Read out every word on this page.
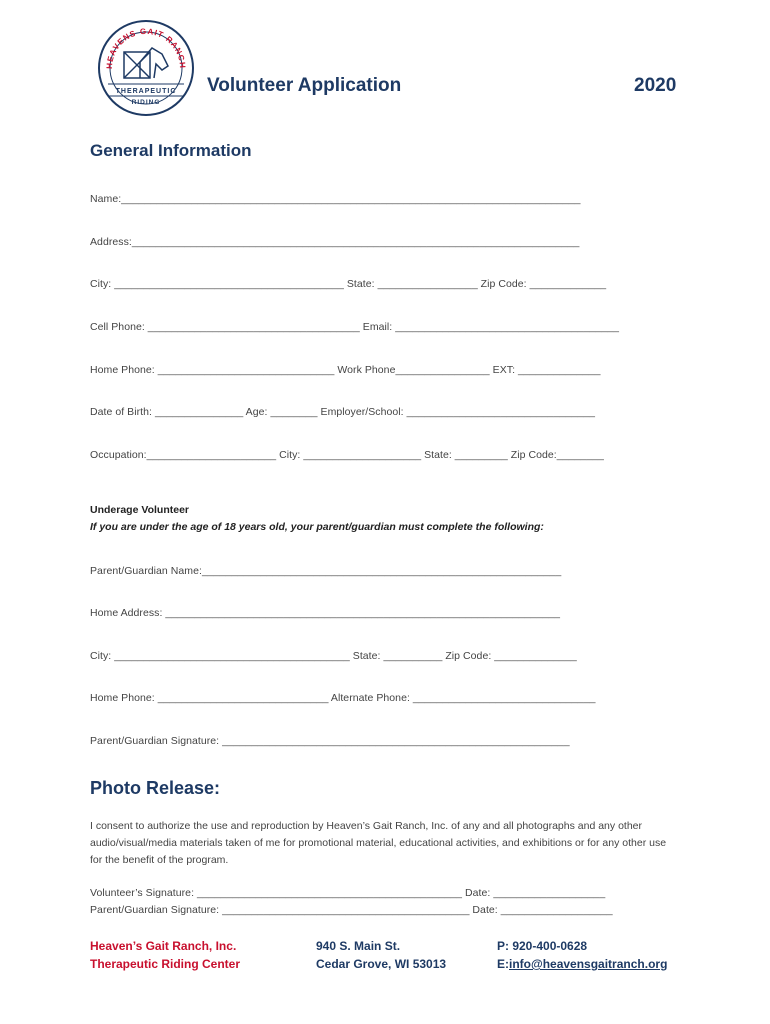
HEAVENS GAIT RANCH
THERAPEUTIC
RIDING
Volunteer Application	2020
General Information
Name:______________________________________________________________________________
Address:____________________________________________________________________________
City: _______________________________________ State: _________________ Zip Code: _____________
Cell Phone: ____________________________________ Email: ______________________________________
Home Phone: ______________________________ Work Phone________________ EXT: ______________
Date of Birth: _______________ Age: ________ Employer/School: ________________________________
Occupation:______________________ City: ____________________ State: _________ Zip Code:________
Underage Volunteer
If you are under the age of 18 years old, your parent/guardian must complete the following:
Parent/Guardian Name:_____________________________________________________________
Home Address: ___________________________________________________________________
City: ________________________________________ State: __________ Zip Code: ______________
Home Phone: _____________________________ Alternate Phone: _______________________________
Parent/Guardian Signature: ___________________________________________________________
Photo Release:
I consent to authorize the use and reproduction by Heaven’s Gait Ranch, Inc. of any and all photographs and any other audio/visual/media materials taken of me for promotional material, educational activities, and exhibitions or for any other use for the benefit of the program.
Volunteer’s Signature: _____________________________________________ Date: ___________________
Parent/Guardian Signature: __________________________________________ Date: ___________________
Heaven’s Gait Ranch, Inc.
Therapeutic Riding Center
940 S. Main St.
Cedar Grove, WI 53013
P: 920-400-0628
E:info@heavensgaitranch.org
